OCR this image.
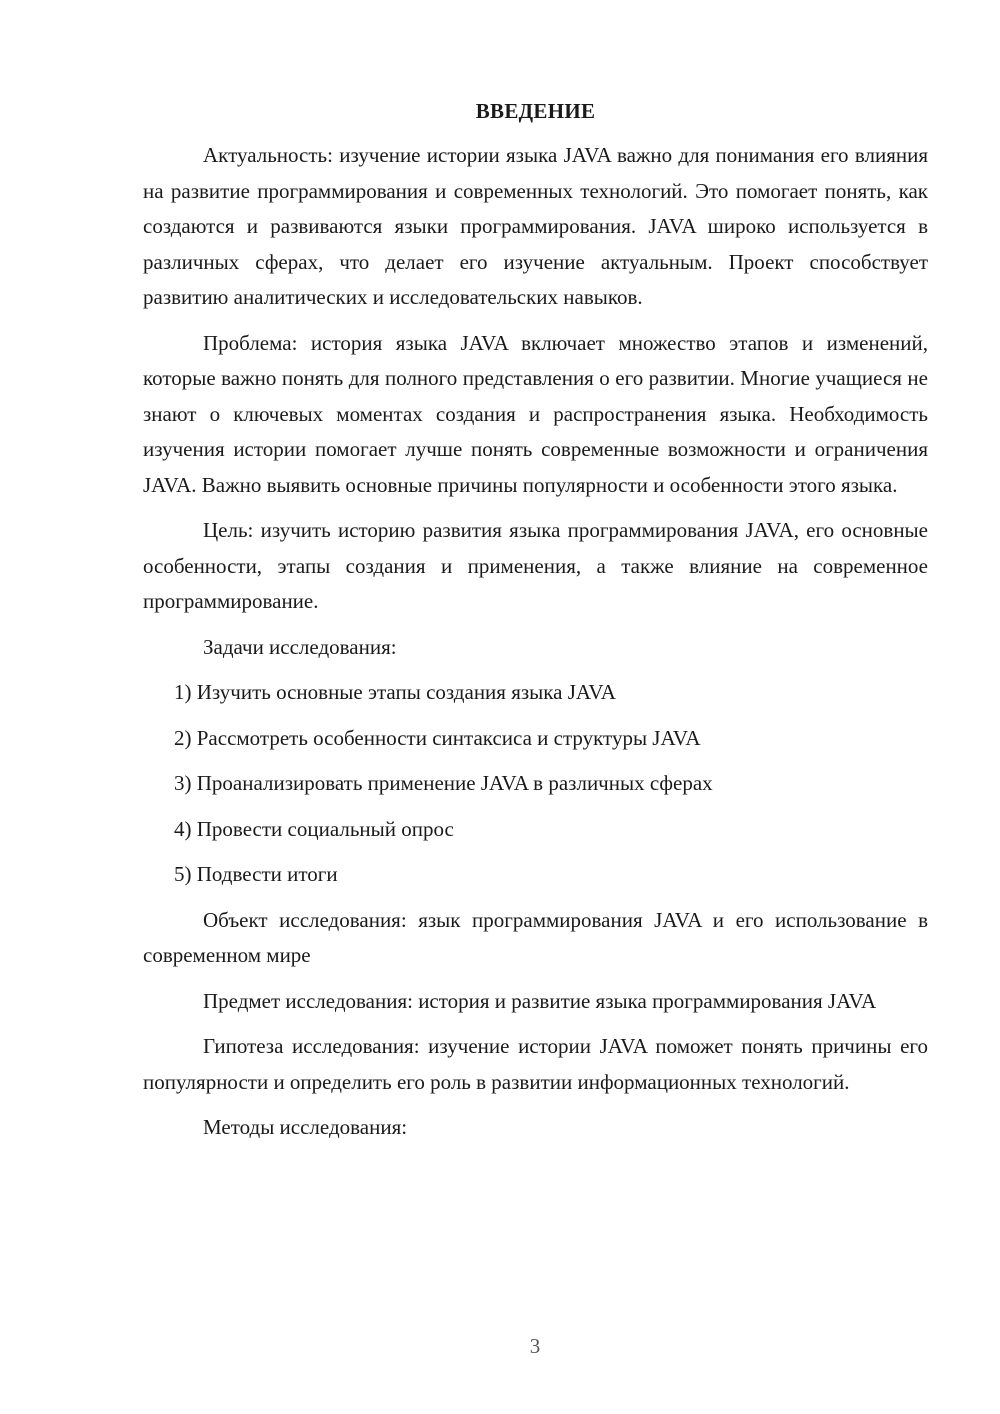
ВВЕДЕНИЕ

Актуальность: изучение истории языка JAVA важно для понимания его влияния на развитие программирования и современных технологий. Это помогает понять, как создаются и развиваются языки программирования. JAVA широко используется в различных сферах, что делает его изучение актуальным. Проект способствует развитию аналитических и исследовательских навыков.

Проблема: история языка JAVA включает множество этапов и изменений, которые важно понять для полного представления о его развитии. Многие учащиеся не знают о ключевых моментах создания и распространения языка. Необходимость изучения истории помогает лучше понять современные возможности и ограничения JAVA. Важно выявить основные причины популярности и особенности этого языка.

Цель: изучить историю развития языка программирования JAVA, его основные особенности, этапы создания и применения, а также влияние на современное программирование.

Задачи исследования:

1) Изучить основные этапы создания языка JAVA
2) Рассмотреть особенности синтаксиса и структуры JAVA
3) Проанализировать применение JAVA в различных сферах
4) Провести социальный опрос
5) Подвести итоги

Объект исследования: язык программирования JAVA и его использование в современном мире

Предмет исследования: история и развитие языка программирования JAVA

Гипотеза исследования: изучение истории JAVA поможет понять причины его популярности и определить его роль в развитии информационных технологий.

Методы исследования:

3
